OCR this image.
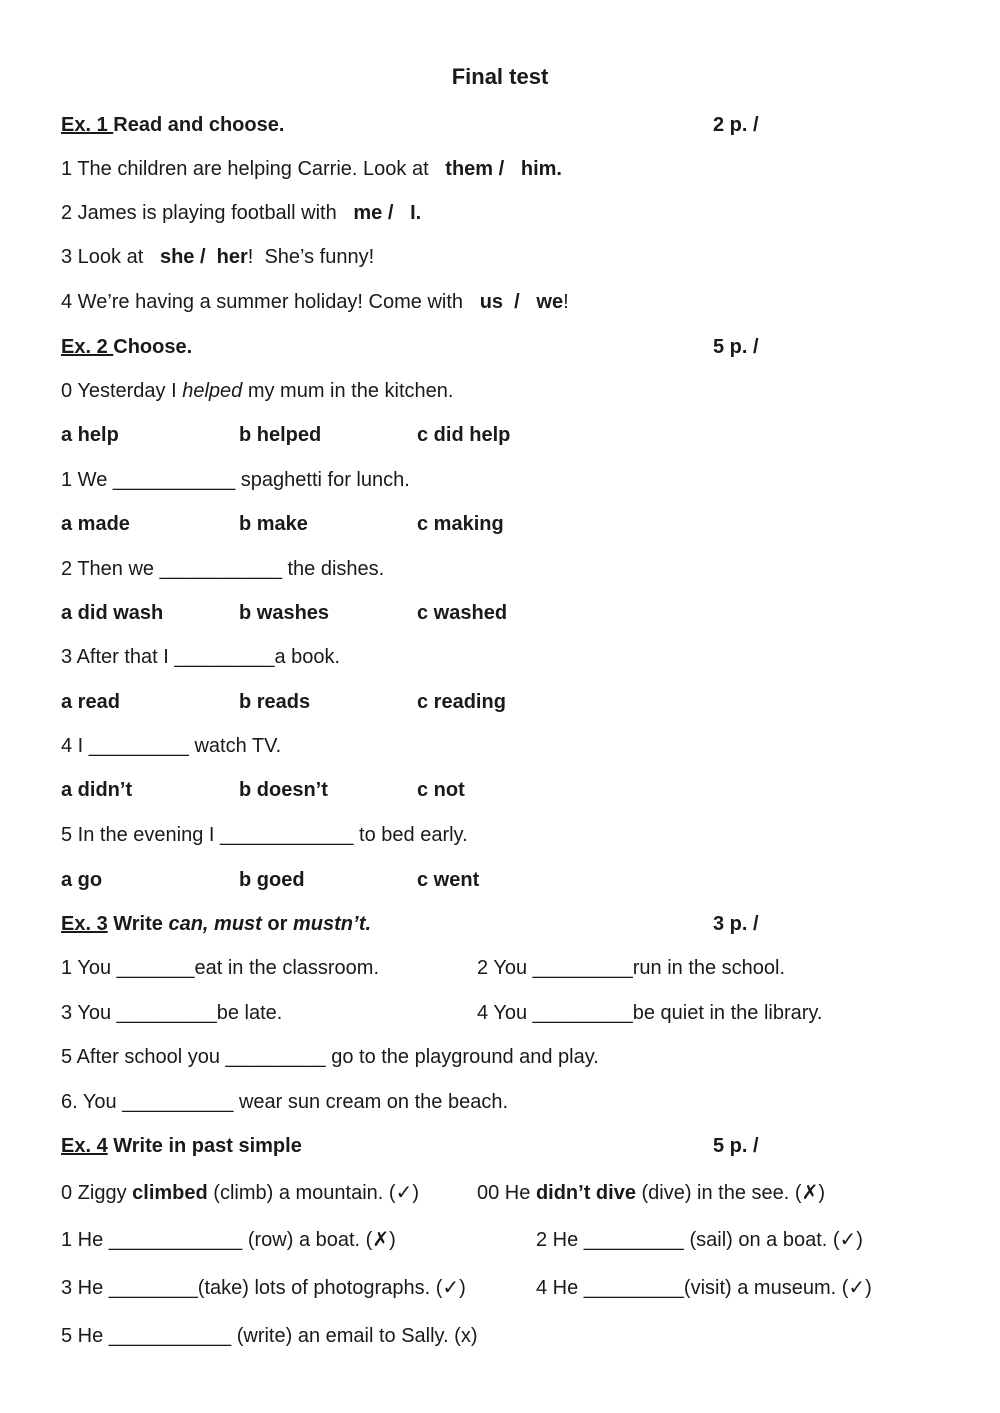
Final test
Ex. 1 Read and choose.	2 p. /
1 The children are helping Carrie. Look at   them /   him.
2 James is playing football with   me /   I.
3 Look at   she /  her!  She’s funny!
4 We’re having a summer holiday! Come with   us  /   we!
Ex. 2 Choose.	5 p. /
0 Yesterday I helped my mum in the kitchen.
a help	b helped	c did help
1 We ___________ spaghetti for lunch.
a made	b make	c making
2 Then we ___________ the dishes.
a did wash	b washes	c washed
3 After that I _________a book.
a read	b reads	c reading
4 I _________ watch TV.
a didn’t	b doesn’t	c not
5 In the evening I ____________ to bed early.
a go	b goed	c went
Ex. 3 Write can, must or mustn’t.	3 p. /
1 You _______eat in the classroom.	2 You _________run in the school.
3 You _________be late.	4 You _________be quiet in the library.
5 After school you _________ go to the playground and play.
6. You __________ wear sun cream on the beach.
Ex. 4 Write in past simple	5 p. /
0 Ziggy climbed (climb) a mountain. (✓)	00 He didn’t dive (dive) in the see. (✗)
1 He ____________ (row) a boat. (✗)	2 He _________ (sail) on a boat. (✓)
3 He ________(take) lots of photographs. (✓)	4 He _________(visit) a museum. (✓)
5 He ___________ (write) an email to Sally. (x)
